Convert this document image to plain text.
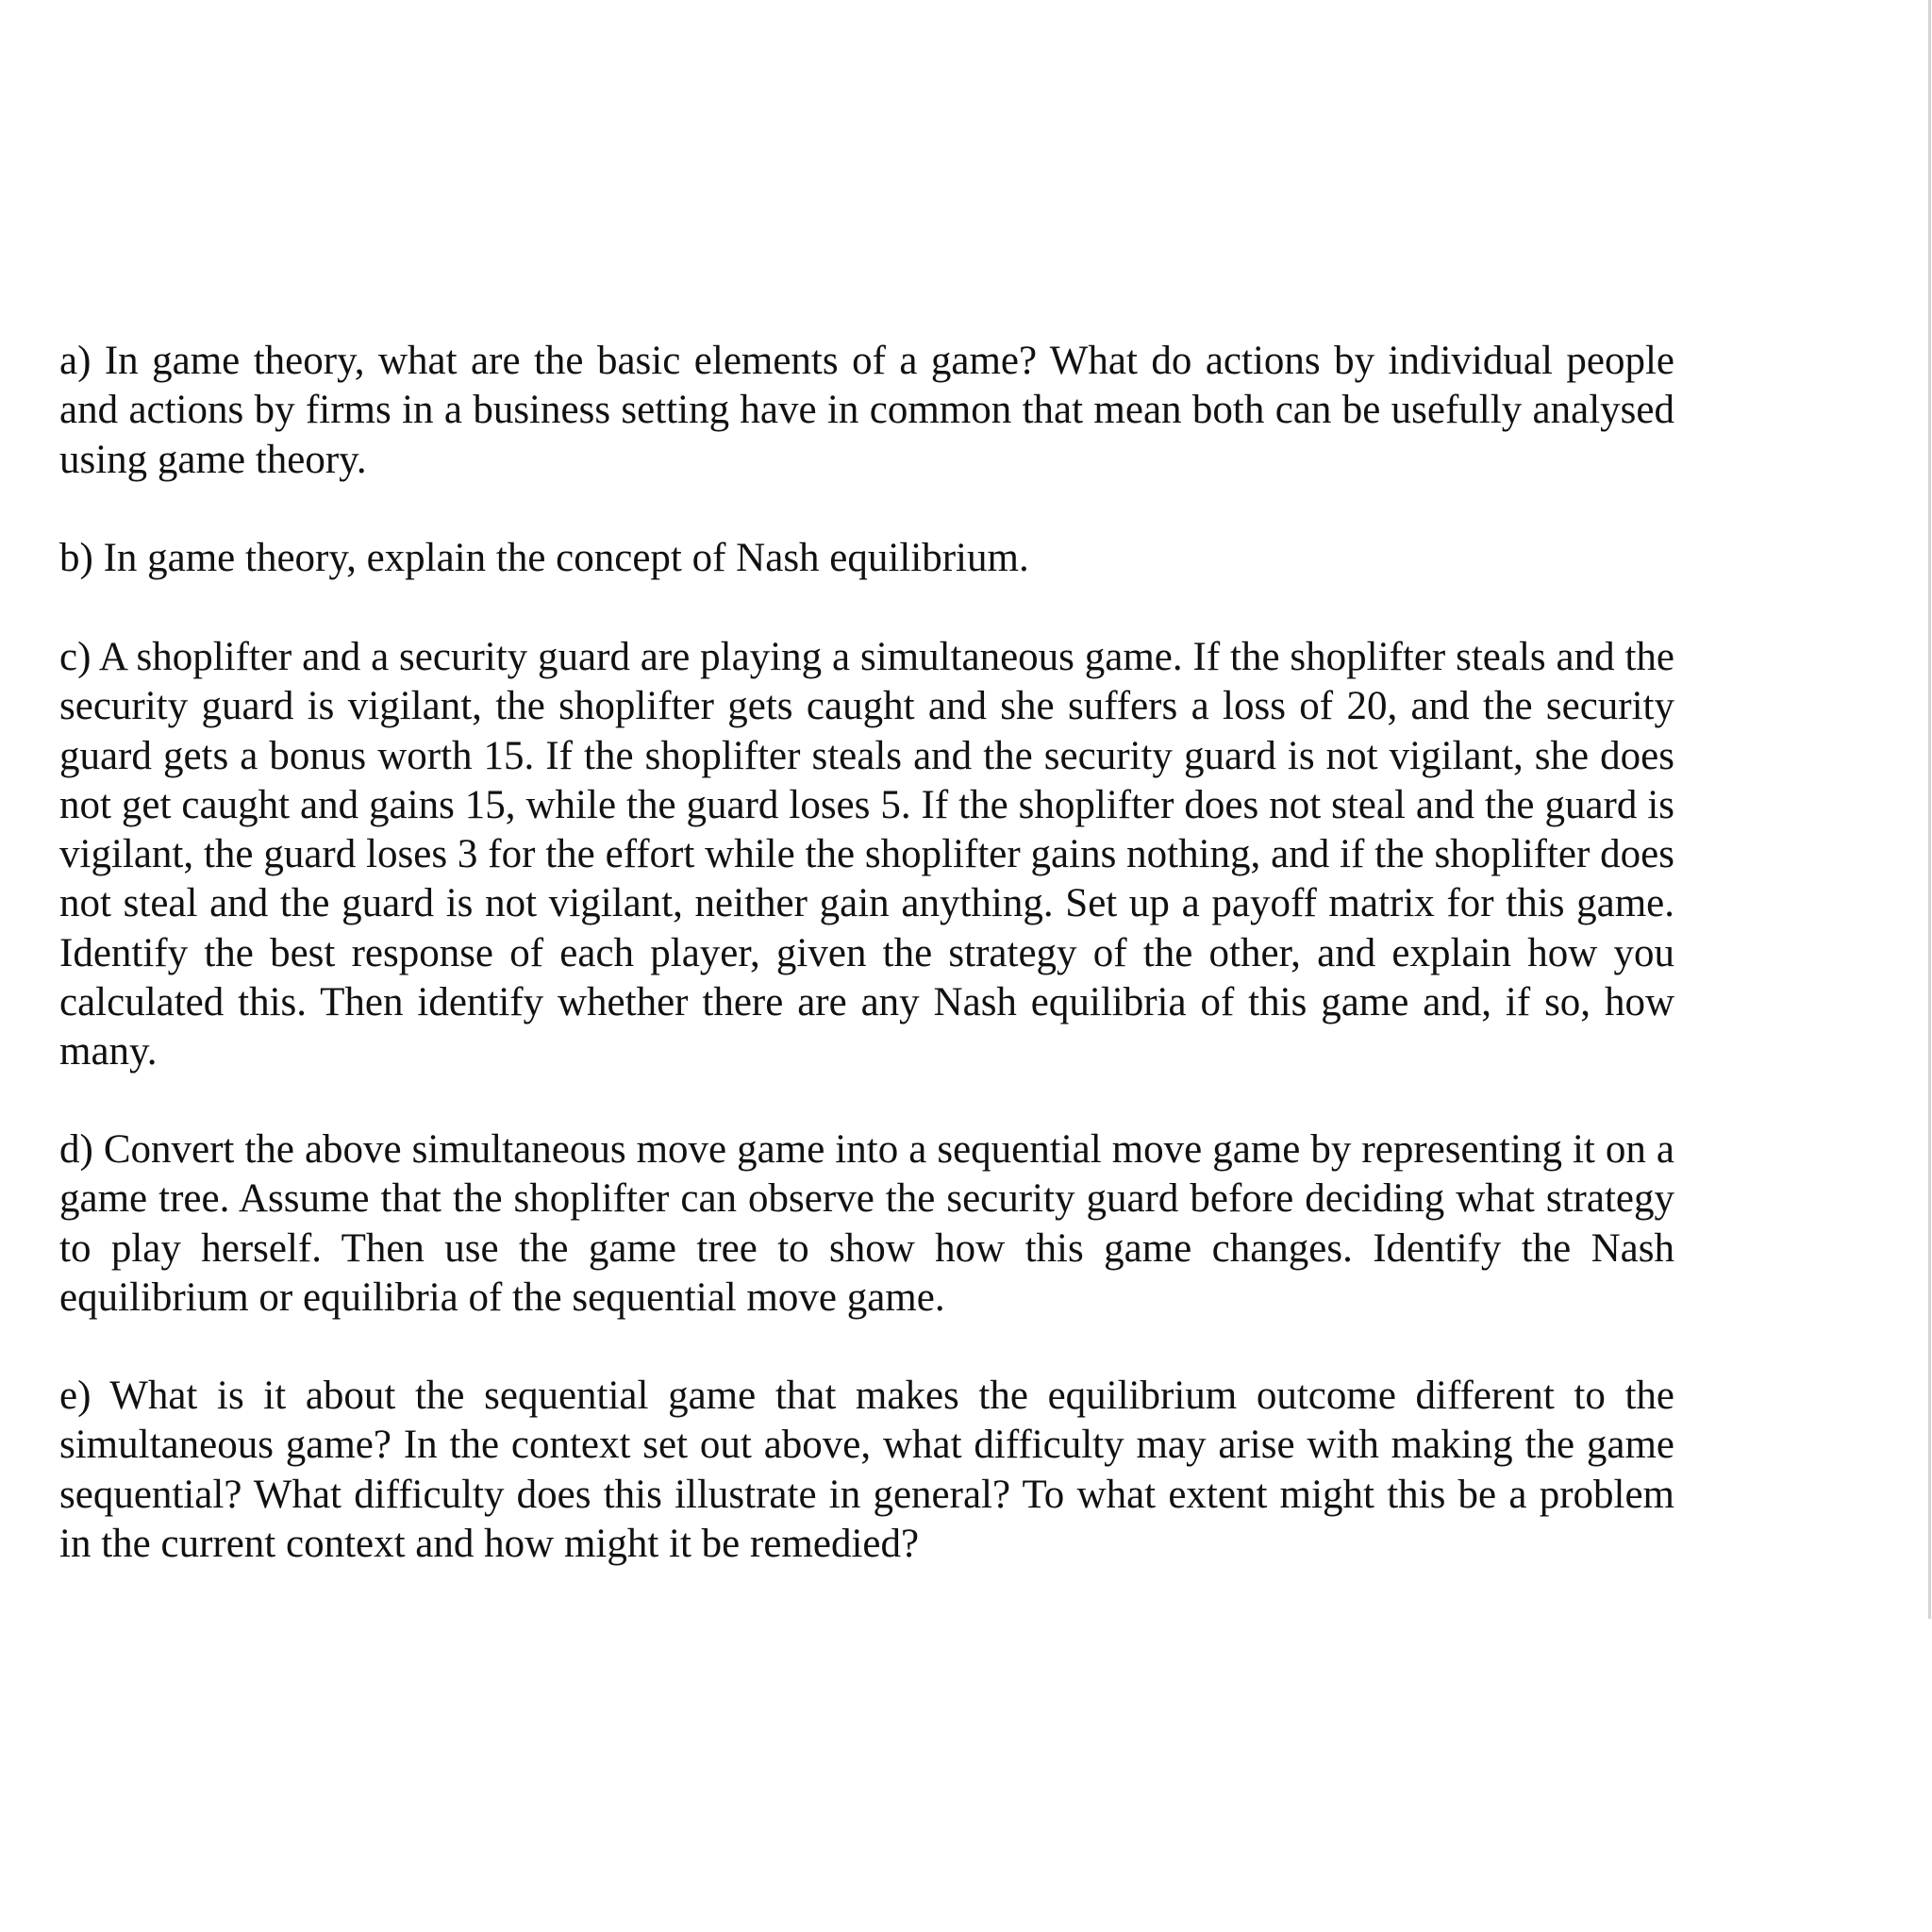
a) In game theory, what are the basic elements of a game? What do actions by individual people and actions by firms in a business setting have in common that mean both can be usefully analysed using game theory.

b) In game theory, explain the concept of Nash equilibrium.

c) A shoplifter and a security guard are playing a simultaneous game. If the shoplifter steals and the security guard is vigilant, the shoplifter gets caught and she suffers a loss of 20, and the security guard gets a bonus worth 15. If the shoplifter steals and the security guard is not vigilant, she does not get caught and gains 15, while the guard loses 5. If the shoplifter does not steal and the guard is vigilant, the guard loses 3 for the effort while the shoplifter gains nothing, and if the shoplifter does not steal and the guard is not vigilant, neither gain anything. Set up a payoff matrix for this game. Identify the best response of each player, given the strategy of the other, and explain how you calculated this. Then identify whether there are any Nash equilibria of this game and, if so, how many.

d) Convert the above simultaneous move game into a sequential move game by representing it on a game tree. Assume that the shoplifter can observe the security guard before deciding what strategy to play herself. Then use the game tree to show how this game changes. Identify the Nash equilibrium or equilibria of the sequential move game.

e) What is it about the sequential game that makes the equilibrium outcome different to the simultaneous game? In the context set out above, what difficulty may arise with making the game sequential? What difficulty does this illustrate in general? To what extent might this be a problem in the current context and how might it be remedied?
